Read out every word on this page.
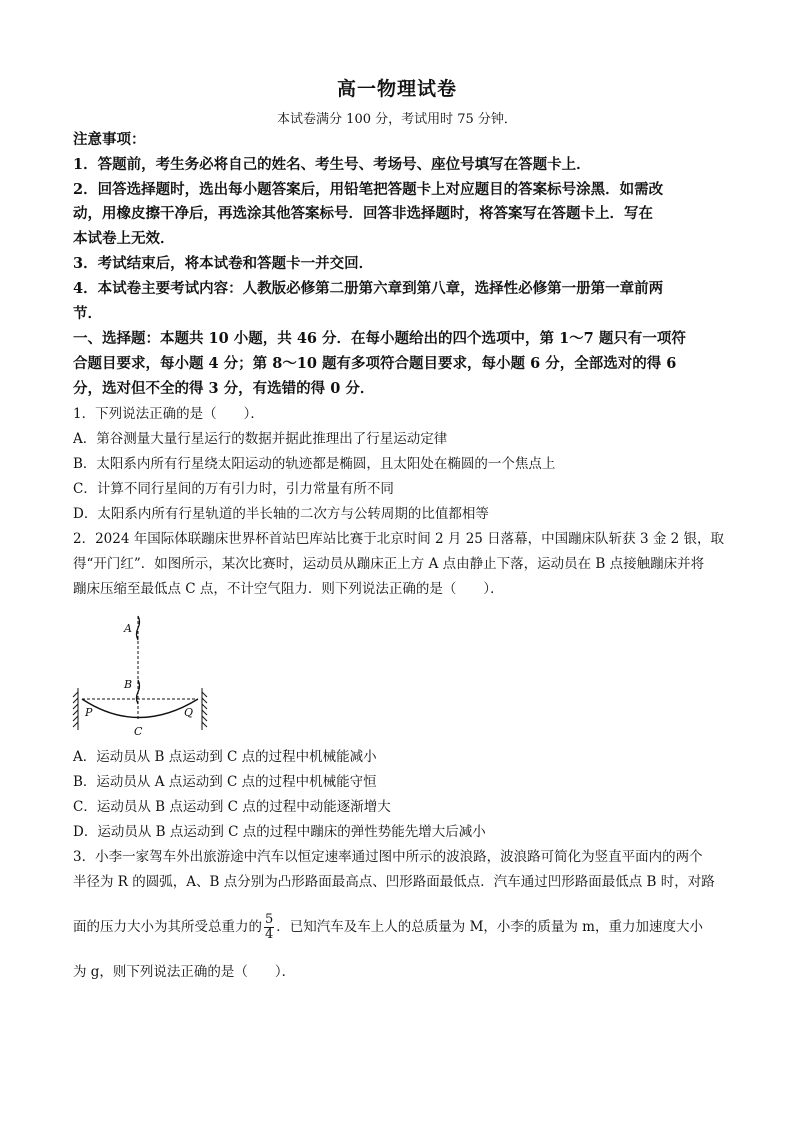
高一物理试卷
本试卷满分 100 分，考试用时 75 分钟．
注意事项：
1．答题前，考生务必将自己的姓名、考生号、考场号、座位号填写在答题卡上．
2．回答选择题时，选出每小题答案后，用铅笔把答题卡上对应题目的答案标号涂黑．如需改
动，用橡皮擦干净后，再选涂其他答案标号．回答非选择题时，将答案写在答题卡上．写在
本试卷上无效．
3．考试结束后，将本试卷和答题卡一并交回．
4．本试卷主要考试内容：人教版必修第二册第六章到第八章，选择性必修第一册第一章前两
节．
一、选择题：本题共 10 小题，共 46 分．在每小题给出的四个选项中，第 1～7 题只有一项符
合题目要求，每小题 4 分；第 8～10 题有多项符合题目要求，每小题 6 分，全部选对的得 6
分，选对但不全的得 3 分，有选错的得 0 分．
1．下列说法正确的是（　　）．
A．第谷测量大量行星运行的数据并据此推理出了行星运动定律
B．太阳系内所有行星绕太阳运动的轨迹都是椭圆，且太阳处在椭圆的一个焦点上
C．计算不同行星间的万有引力时，引力常量有所不同
D．太阳系内所有行星轨道的半长轴的二次方与公转周期的比值都相等
2．2024 年国际体联蹦床世界杯首站巴库站比赛于北京时间 2 月 25 日落幕，中国蹦床队斩获 3 金 2 银，取
得“开门红”．如图所示，某次比赛时，运动员从蹦床正上方 A 点由静止下落，运动员在 B 点接触蹦床并将
蹦床压缩至最低点 C 点，不计空气阻力．则下列说法正确的是（　　）．
A
B
C
P	Q
A．运动员从 B 点运动到 C 点的过程中机械能减小
B．运动员从 A 点运动到 C 点的过程中机械能守恒
C．运动员从 B 点运动到 C 点的过程中动能逐渐增大
D．运动员从 B 点运动到 C 点的过程中蹦床的弹性势能先增大后减小
3．小李一家驾车外出旅游途中汽车以恒定速率通过图中所示的波浪路，波浪路可简化为竖直平面内的两个
半径为 R 的圆弧，A、B 点分别为凸形路面最高点、凹形路面最低点．汽车通过凹形路面最低点 B 时，对路
面的压力大小为其所受总重力的 $\frac{5}{4}$ ．已知汽车及车上人的总质量为 M，小李的质量为 m，重力加速度大小
为 g，则下列说法正确的是（　　）．
